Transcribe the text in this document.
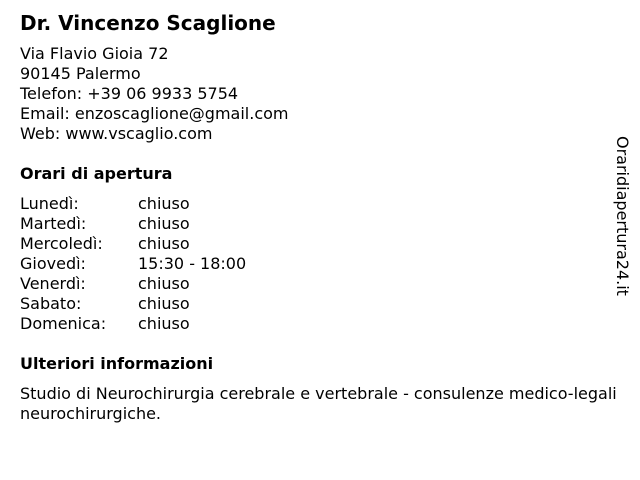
Dr. Vincenzo Scaglione
Via Flavio Gioia 72
90145 Palermo
Telefon: +39 06 9933 5754
Email: enzoscaglione@gmail.com
Web: www.vscaglio.com
Orari di apertura
Lunedì:	chiuso
Martedì:	chiuso
Mercoledì:	chiuso
Giovedì:	15:30 - 18:00
Venerdì:	chiuso
Sabato:	chiuso
Domenica:	chiuso
Ulteriori informazioni

Studio di Neurochirurgia cerebrale e vertebrale - consulenze medico-legali neurochirurgiche.

Oraridiapertura24.it
